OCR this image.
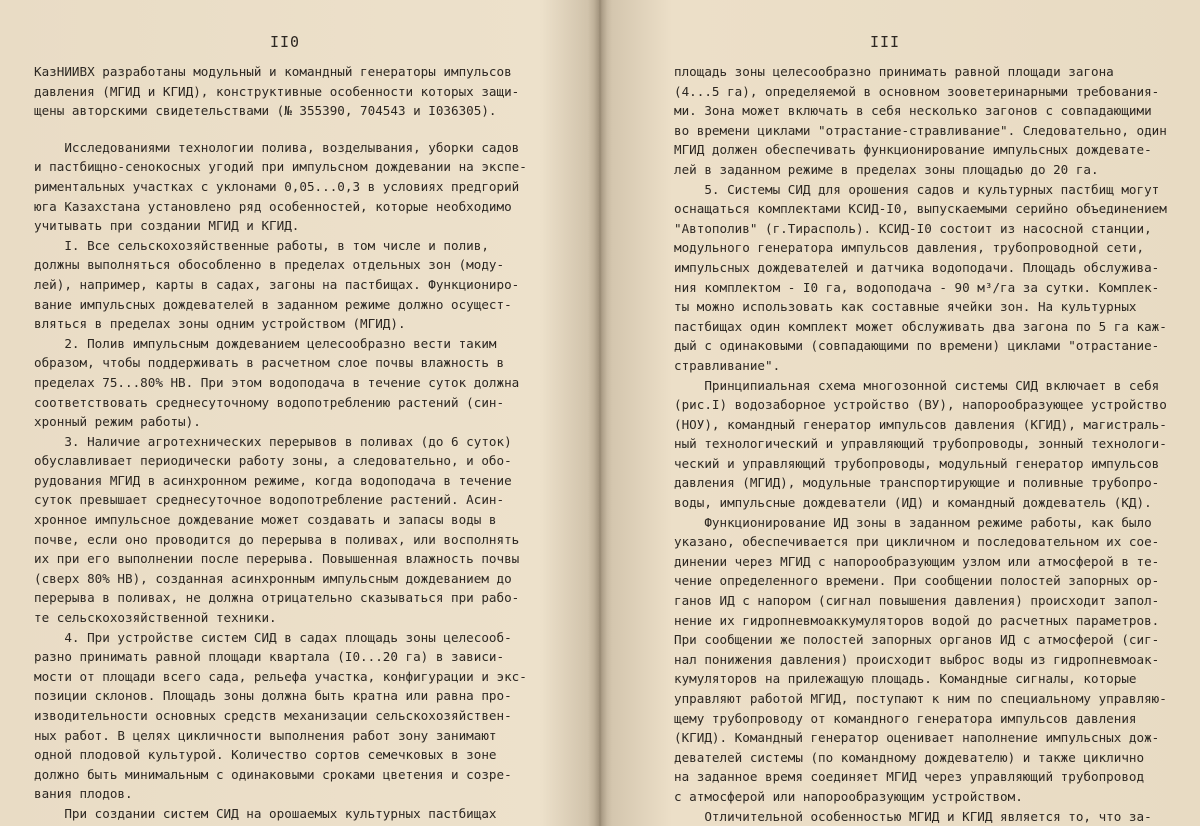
II0
КазНИИВХ разработаны модульный и командный генераторы импульсов
давления (МГИД и КГИД), конструктивные особенности которых защи-
щены авторскими свидетельствами (№ 355390, 704543 и I036305).
Исследованиями технологии полива, возделывания, уборки садов
и пастбищно-сенокосных угодий при импульсном дождевании на экспе-
риментальных участках с уклонами 0,05...0,3 в условиях предгорий
юга Казахстана установлено ряд особенностей, которые необходимо
учитывать при создании МГИД и КГИД.
I. Все сельскохозяйственные работы, в том числе и полив,
должны выполняться обособленно в пределах отдельных зон (моду-
лей), например, карты в садах, загоны на пастбищах. Функциониро-
вание импульсных дождевателей в заданном режиме должно осущест-
вляться в пределах зоны одним устройством (МГИД).
2. Полив импульсным дождеванием целесообразно вести таким
образом, чтобы поддерживать в расчетном слое почвы влажность в
пределах 75...80% НВ. При этом водоподача в течение суток должна
соответствовать среднесуточному водопотреблению растений (син-
хронный режим работы).
3. Наличие агротехнических перерывов в поливах (до 6 суток)
обуславливает периодически работу зоны, а следовательно, и обо-
рудования МГИД в асинхронном режиме, когда водоподача в течение
суток превышает среднесуточное водопотребление растений. Асин-
хронное импульсное дождевание может создавать и запасы воды в
почве, если оно проводится до перерыва в поливах, или восполнять
их при его выполнении после перерыва. Повышенная влажность почвы
(сверх 80% НВ), созданная асинхронным импульсным дождеванием до
перерыва в поливах, не должна отрицательно сказываться при рабо-
те сельскохозяйственной техники.
4. При устройстве систем СИД в садах площадь зоны целесооб-
разно принимать равной площади квартала (I0...20 га) в зависи-
мости от площади всего сада, рельефа участка, конфигурации и экс-
позиции склонов. Площадь зоны должна быть кратна или равна про-
изводительности основных средств механизации сельскохозяйствен-
ных работ. В целях цикличности выполнения работ зону занимают
одной плодовой культурой. Количество сортов семечковых в зоне
должно быть минимальным с одинаковыми сроками цветения и созре-
вания плодов.
При создании систем СИД на орошаемых культурных пастбищах
III
площадь зоны целесообразно принимать равной площади загона
(4...5 га), определяемой в основном зооветеринарными требования-
ми. Зона может включать в себя несколько загонов с совпадающими
во времени циклами "отрастание-стравливание". Следовательно, один
МГИД должен обеспечивать функционирование импульсных дождевате-
лей в заданном режиме в пределах зоны площадью до 20 га.
5. Системы СИД для орошения садов и культурных пастбищ могут
оснащаться комплектами КСИД-I0, выпускаемыми серийно объединением
"Автополив" (г.Тирасполь). КСИД-I0 состоит из насосной станции,
модульного генератора импульсов давления, трубопроводной сети,
импульсных дождевателей и датчика водоподачи. Площадь обслужива-
ния комплектом - I0 га, водоподача - 90 м³/га за сутки. Комплек-
ты можно использовать как составные ячейки зон. На культурных
пастбищах один комплект может обслуживать два загона по 5 га каж-
дый с одинаковыми (совпадающими по времени) циклами "отрастание-
стравливание".
Принципиальная схема многозонной системы СИД включает в себя
(рис.I) водозаборное устройство (ВУ), напорообразующее устройство
(НОУ), командный генератор импульсов давления (КГИД), магистраль-
ный технологический и управляющий трубопроводы, зонный технологи-
ческий и управляющий трубопроводы, модульный генератор импульсов
давления (МГИД), модульные транспортирующие и поливные трубопро-
воды, импульсные дождеватели (ИД) и командный дождеватель (КД).
Функционирование ИД зоны в заданном режиме работы, как было
указано, обеспечивается при цикличном и последовательном их сое-
динении через МГИД с напорообразующим узлом или атмосферой в те-
чение определенного времени. При сообщении полостей запорных ор-
ганов ИД с напором (сигнал повышения давления) происходит запол-
нение их гидропневмоаккумуляторов водой до расчетных параметров.
При сообщении же полостей запорных органов ИД с атмосферой (сиг-
нал понижения давления) происходит выброс воды из гидропневмоак-
кумуляторов на прилежащую площадь. Командные сигналы, которые
управляют работой МГИД, поступают к ним по специальному управляю-
щему трубопроводу от командного генератора импульсов давления
(КГИД). Командный генератор оценивает наполнение импульсных дож-
девателей системы (по командному дождевателю) и также циклично
на заданное время соединяет МГИД через управляющий трубопровод
с атмосферой или напорообразующим устройством.
Отличительной особенностью МГИД и КГИД является то, что за-
